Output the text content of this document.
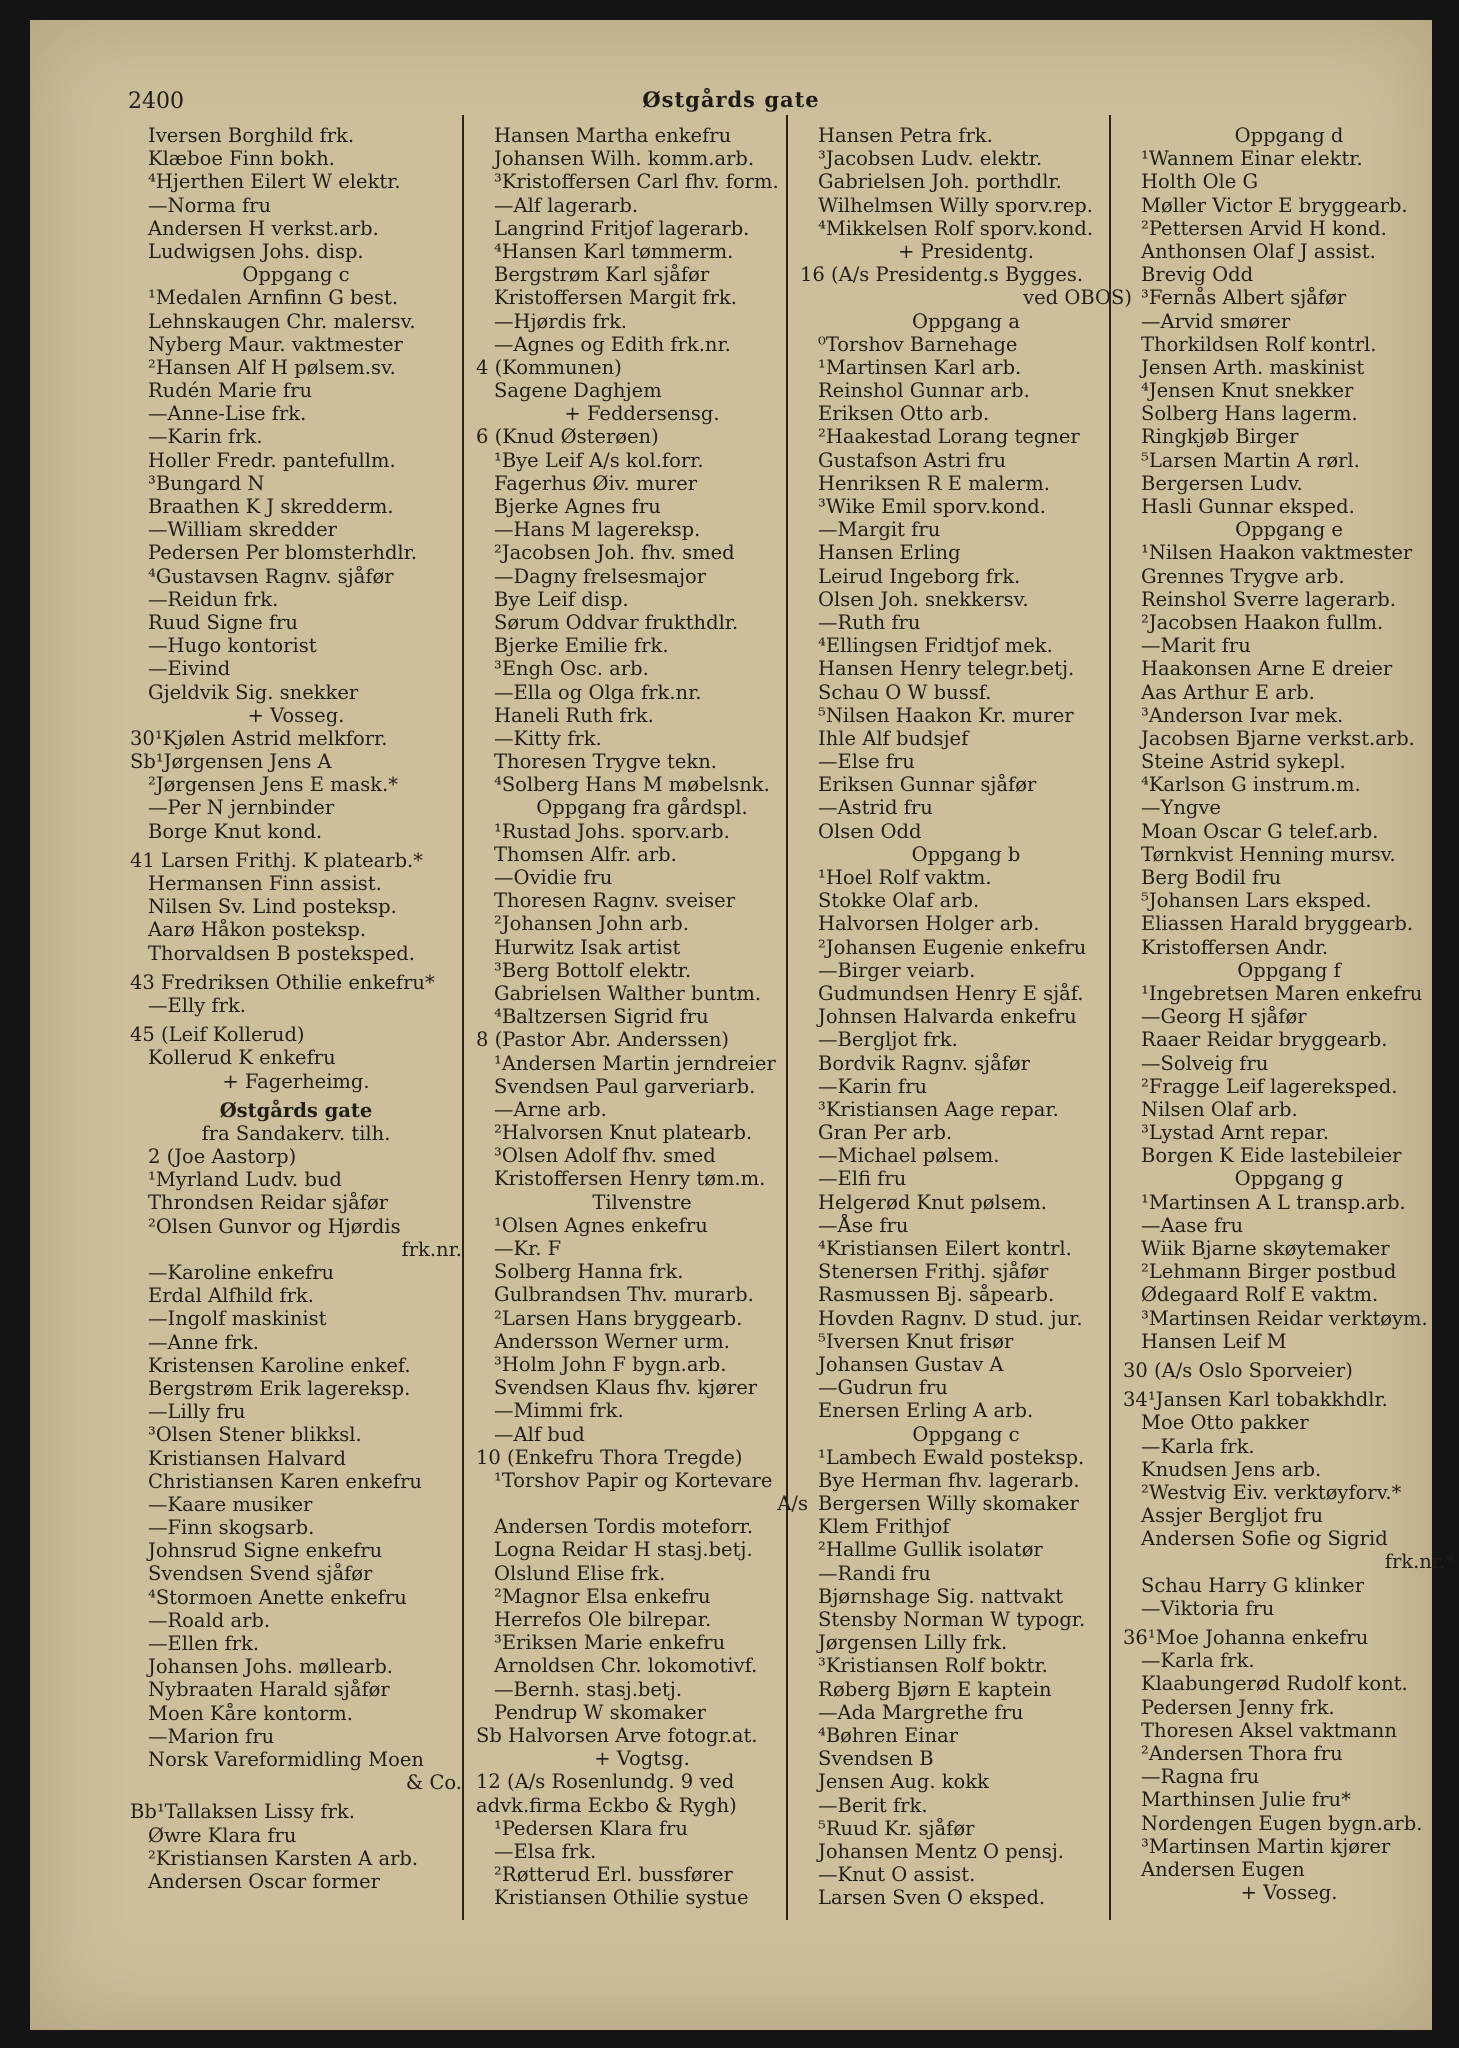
2400	Østgårds gate
Iversen Borghild frk.
Klæboe Finn bokh.
⁴Hjerthen Eilert W elektr.
—Norma fru
Andersen H verkst.arb.
Ludwigsen Johs. disp.
Oppgang c
¹Medalen Arnfinn G best.
Lehnskaugen Chr. malersv.
Nyberg Maur. vaktmester
²Hansen Alf H pølsem.sv.
Rudén Marie fru
—Anne-Lise frk.
—Karin frk.
Holler Fredr. pantefullm.
³Bungard N
Braathen K J skredderm.
—William skredder
Pedersen Per blomsterhdlr.
⁴Gustavsen Ragnv. sjåfør
—Reidun frk.
Ruud Signe fru
—Hugo kontorist
—Eivind
Gjeldvik Sig. snekker
+ Vosseg.
30¹Kjølen Astrid melkforr.
Sb¹Jørgensen Jens A
²Jørgensen Jens E mask.*
—Per N jernbinder
Borge Knut kond.
41 Larsen Frithj. K platearb.*
Hermansen Finn assist.
Nilsen Sv. Lind posteksp.
Aarø Håkon posteksp.
Thorvaldsen B posteksped.
43 Fredriksen Othilie enkefru*
—Elly frk.
45 (Leif Kollerud)
Kollerud K enkefru
+ Fagerheimg.
Østgårds gate
fra Sandakerv. tilh.
2 (Joe Aastorp)
¹Myrland Ludv. bud
Throndsen Reidar sjåfør
²Olsen Gunvor og Hjørdis
frk.nr.
—Karoline enkefru
Erdal Alfhild frk.
—Ingolf maskinist
—Anne frk.
Kristensen Karoline enkef.
Bergstrøm Erik lagereksp.
—Lilly fru
³Olsen Stener blikksl.
Kristiansen Halvard
Christiansen Karen enkefru
—Kaare musiker
—Finn skogsarb.
Johnsrud Signe enkefru
Svendsen Svend sjåfør
⁴Stormoen Anette enkefru
—Roald arb.
—Ellen frk.
Johansen Johs. møllearb.
Nybraaten Harald sjåfør
Moen Kåre kontorm.
—Marion fru
Norsk Vareformidling Moen
& Co.
Bb¹Tallaksen Lissy frk.
Øwre Klara fru
²Kristiansen Karsten A arb.
Andersen Oscar former
Hansen Martha enkefru
Johansen Wilh. komm.arb.
³Kristoffersen Carl fhv. form.
—Alf lagerarb.
Langrind Fritjof lagerarb.
⁴Hansen Karl tømmerm.
Bergstrøm Karl sjåfør
Kristoffersen Margit frk.
—Hjørdis frk.
—Agnes og Edith frk.nr.
4 (Kommunen)
Sagene Daghjem
+ Feddersensg.
6 (Knud Østerøen)
¹Bye Leif A/s kol.forr.
Fagerhus Øiv. murer
Bjerke Agnes fru
—Hans M lagereksp.
²Jacobsen Joh. fhv. smed
—Dagny frelsesmajor
Bye Leif disp.
Sørum Oddvar frukthdlr.
Bjerke Emilie frk.
³Engh Osc. arb.
—Ella og Olga frk.nr.
Haneli Ruth frk.
—Kitty frk.
Thoresen Trygve tekn.
⁴Solberg Hans M møbelsnk.
Oppgang fra gårdspl.
¹Rustad Johs. sporv.arb.
Thomsen Alfr. arb.
—Ovidie fru
Thoresen Ragnv. sveiser
²Johansen John arb.
Hurwitz Isak artist
³Berg Bottolf elektr.
Gabrielsen Walther buntm.
⁴Baltzersen Sigrid fru
8 (Pastor Abr. Anderssen)
¹Andersen Martin jerndreier
Svendsen Paul garveriarb.
—Arne arb.
²Halvorsen Knut platearb.
³Olsen Adolf fhv. smed
Kristoffersen Henry tøm.m.
Tilvenstre
¹Olsen Agnes enkefru
—Kr. F
Solberg Hanna frk.
Gulbrandsen Thv. murarb.
²Larsen Hans bryggearb.
Andersson Werner urm.
³Holm John F bygn.arb.
Svendsen Klaus fhv. kjører
—Mimmi frk.
—Alf bud
10 (Enkefru Thora Tregde)
¹Torshov Papir og Kortevare
A/s
Andersen Tordis moteforr.
Logna Reidar H stasj.betj.
Olslund Elise frk.
²Magnor Elsa enkefru
Herrefos Ole bilrepar.
³Eriksen Marie enkefru
Arnoldsen Chr. lokomotivf.
—Bernh. stasj.betj.
Pendrup W skomaker
Sb Halvorsen Arve fotogr.at.
+ Vogtsg.
12 (A/s Rosenlundg. 9 ved
advk.firma Eckbo & Rygh)
¹Pedersen Klara fru
—Elsa frk.
²Røtterud Erl. bussfører
Kristiansen Othilie systue
Hansen Petra frk.
³Jacobsen Ludv. elektr.
Gabrielsen Joh. porthdlr.
Wilhelmsen Willy sporv.rep.
⁴Mikkelsen Rolf sporv.kond.
+ Presidentg.
16 (A/s Presidentg.s Bygges.
ved OBOS)
Oppgang a
⁰Torshov Barnehage
¹Martinsen Karl arb.
Reinshol Gunnar arb.
Eriksen Otto arb.
²Haakestad Lorang tegner
Gustafson Astri fru
Henriksen R E malerm.
³Wike Emil sporv.kond.
—Margit fru
Hansen Erling
Leirud Ingeborg frk.
Olsen Joh. snekkersv.
—Ruth fru
⁴Ellingsen Fridtjof mek.
Hansen Henry telegr.betj.
Schau O W bussf.
⁵Nilsen Haakon Kr. murer
Ihle Alf budsjef
—Else fru
Eriksen Gunnar sjåfør
—Astrid fru
Olsen Odd
Oppgang b
¹Hoel Rolf vaktm.
Stokke Olaf arb.
Halvorsen Holger arb.
²Johansen Eugenie enkefru
—Birger veiarb.
Gudmundsen Henry E sjåf.
Johnsen Halvarda enkefru
—Bergljot frk.
Bordvik Ragnv. sjåfør
—Karin fru
³Kristiansen Aage repar.
Gran Per arb.
—Michael pølsem.
—Elfi fru
Helgerød Knut pølsem.
—Åse fru
⁴Kristiansen Eilert kontrl.
Stenersen Frithj. sjåfør
Rasmussen Bj. såpearb.
Hovden Ragnv. D stud. jur.
⁵Iversen Knut frisør
Johansen Gustav A
—Gudrun fru
Enersen Erling A arb.
Oppgang c
¹Lambech Ewald posteksp.
Bye Herman fhv. lagerarb.
Bergersen Willy skomaker
Klem Frithjof
²Hallme Gullik isolatør
—Randi fru
Bjørnshage Sig. nattvakt
Stensby Norman W typogr.
Jørgensen Lilly frk.
³Kristiansen Rolf boktr.
Røberg Bjørn E kaptein
—Ada Margrethe fru
⁴Bøhren Einar
Svendsen B
Jensen Aug. kokk
—Berit frk.
⁵Ruud Kr. sjåfør
Johansen Mentz O pensj.
—Knut O assist.
Larsen Sven O eksped.
Oppgang d
¹Wannem Einar elektr.
Holth Ole G
Møller Victor E bryggearb.
²Pettersen Arvid H kond.
Anthonsen Olaf J assist.
Brevig Odd
³Fernås Albert sjåfør
—Arvid smører
Thorkildsen Rolf kontrl.
Jensen Arth. maskinist
⁴Jensen Knut snekker
Solberg Hans lagerm.
Ringkjøb Birger
⁵Larsen Martin A rørl.
Bergersen Ludv.
Hasli Gunnar eksped.
Oppgang e
¹Nilsen Haakon vaktmester
Grennes Trygve arb.
Reinshol Sverre lagerarb.
²Jacobsen Haakon fullm.
—Marit fru
Haakonsen Arne E dreier
Aas Arthur E arb.
³Anderson Ivar mek.
Jacobsen Bjarne verkst.arb.
Steine Astrid sykepl.
⁴Karlson G instrum.m.
—Yngve
Moan Oscar G telef.arb.
Tørnkvist Henning mursv.
Berg Bodil fru
⁵Johansen Lars eksped.
Eliassen Harald bryggearb.
Kristoffersen Andr.
Oppgang f
¹Ingebretsen Maren enkefru
—Georg H sjåfør
Raaer Reidar bryggearb.
—Solveig fru
²Fragge Leif lagereksped.
Nilsen Olaf arb.
³Lystad Arnt repar.
Borgen K Eide lastebileier
Oppgang g
¹Martinsen A L transp.arb.
—Aase fru
Wiik Bjarne skøytemaker
²Lehmann Birger postbud
Ødegaard Rolf E vaktm.
³Martinsen Reidar verktøym.
Hansen Leif M
30 (A/s Oslo Sporveier)
34¹Jansen Karl tobakkhdlr.
Moe Otto pakker
—Karla frk.
Knudsen Jens arb.
²Westvig Eiv. verktøyforv.*
Assjer Bergljot fru
Andersen Sofie og Sigrid
frk.nr.*
Schau Harry G klinker
—Viktoria fru
36¹Moe Johanna enkefru
—Karla frk.
Klaabungerød Rudolf kont.
Pedersen Jenny frk.
Thoresen Aksel vaktmann
²Andersen Thora fru
—Ragna fru
Marthinsen Julie fru*
Nordengen Eugen bygn.arb.
³Martinsen Martin kjører
Andersen Eugen
+ Vosseg.
